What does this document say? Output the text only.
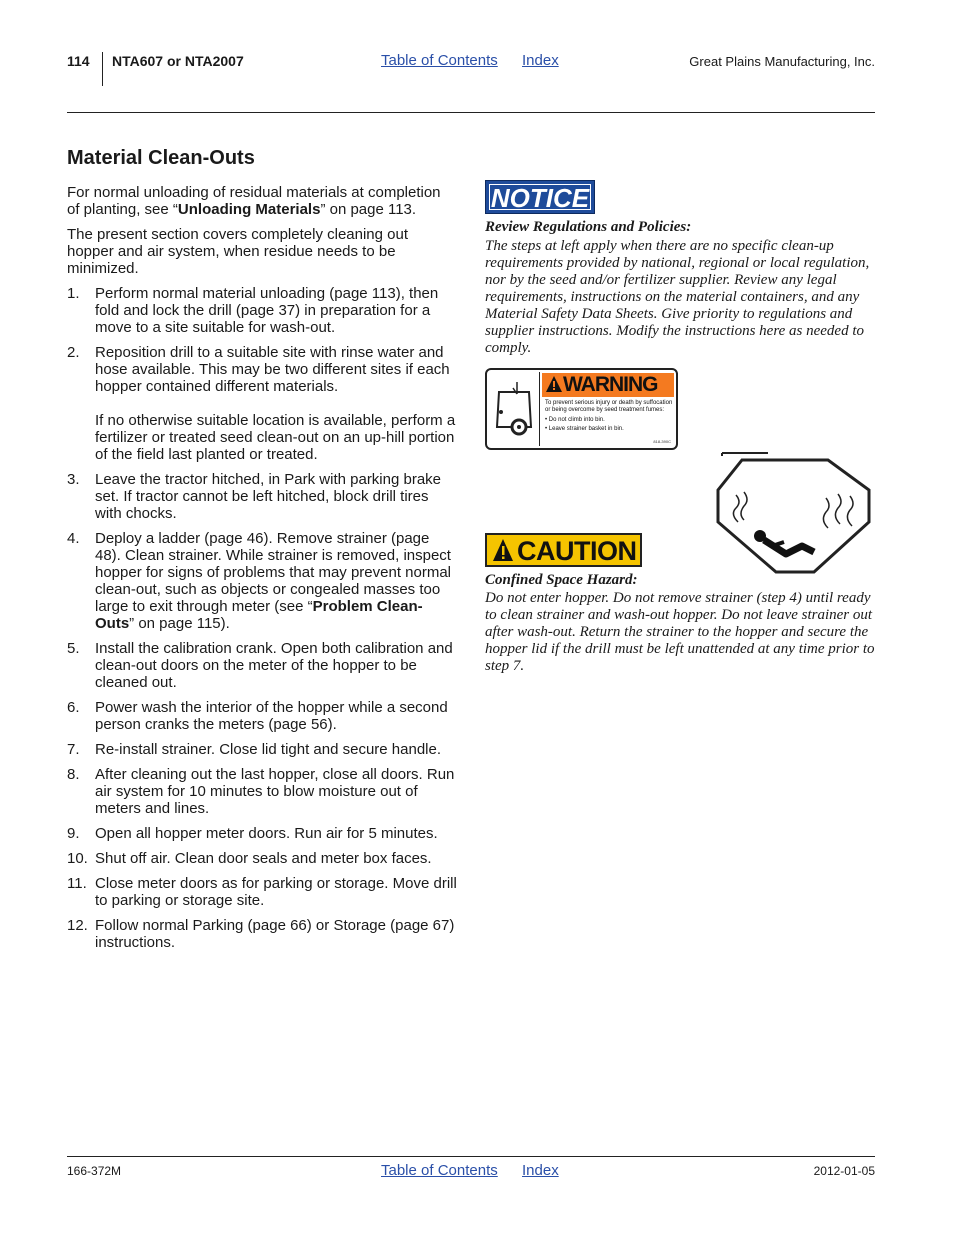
114 NTA607 or NTA2007	Table of Contents Index	Great Plains Manufacturing, Inc.
Material Clean-Outs

For normal unloading of residual materials at completion of planting, see “Unloading Materials” on page 113.

The present section covers completely cleaning out hopper and air system, when residue needs to be minimized.

1. Perform normal material unloading (page 113), then fold and lock the drill (page 37) in preparation for a move to a site suitable for wash-out.
2. Reposition drill to a suitable site with rinse water and hose available. This may be two different sites if each hopper contained different materials.
If no otherwise suitable location is available, perform a fertilizer or treated seed clean-out on an up-hill portion of the field last planted or treated.
3. Leave the tractor hitched, in Park with parking brake set. If tractor cannot be left hitched, block drill tires with chocks.
4. Deploy a ladder (page 46). Remove strainer (page 48). Clean strainer. While strainer is removed, inspect hopper for signs of problems that may prevent normal clean-out, such as objects or congealed masses too large to exit through meter (see “Problem Clean-Outs” on page 115).
5. Install the calibration crank. Open both calibration and clean-out doors on the meter of the hopper to be cleaned out.
6. Power wash the interior of the hopper while a second person cranks the meters (page 56).
7. Re-install strainer. Close lid tight and secure handle.
8. After cleaning out the last hopper, close all doors. Run air system for 10 minutes to blow moisture out of meters and lines.
9. Open all hopper meter doors. Run air for 5 minutes.
10. Shut off air. Clean door seals and meter box faces.
11. Close meter doors as for parking or storage. Move drill to parking or storage site.
12. Follow normal Parking (page 66) or Storage (page 67) instructions.
NOTICE
Review Regulations and Policies:
The steps at left apply when there are no specific clean-up requirements provided by national, regional or local regulation, nor by the seed and/or fertilizer supplier. Review any legal requirements, instructions on the material containers, and any Material Safety Data Sheets. Give priority to regulations and supplier instructions. Modify the instructions here as needed to comply.
WARNING
To prevent serious injury or death by suffocation or being overcome by seed treatment fumes:
• Do not climb into bin.
• Leave strainer basket in bin.
818-390C
CAUTION
Confined Space Hazard:
Do not enter hopper. Do not remove strainer (step 4) until ready to clean strainer and wash-out hopper. Do not leave strainer out after wash-out. Return the strainer to the hopper and secure the hopper lid if the drill must be left unattended at any time prior to step 7.
166-372M	Table of Contents Index	2012-01-05
